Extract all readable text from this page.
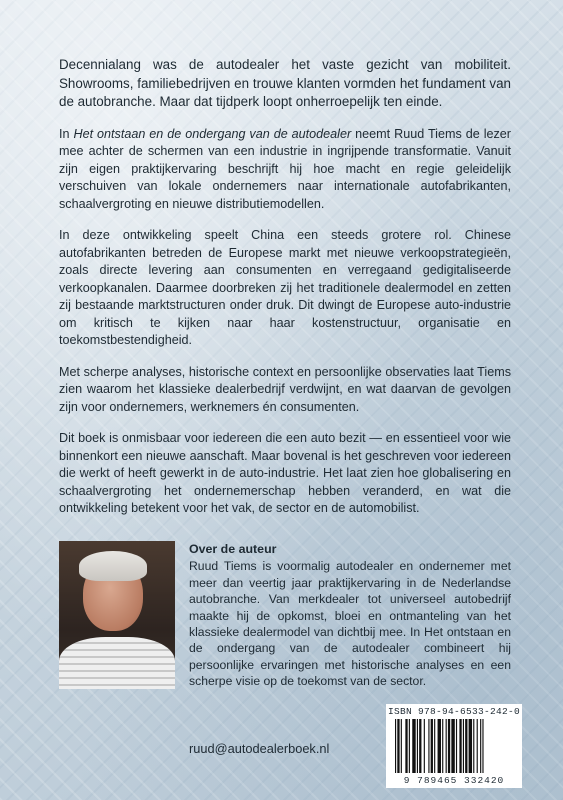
Decennialang was de autodealer het vaste gezicht van mobiliteit. Showrooms, familiebedrijven en trouwe klanten vormden het fundament van de autobranche. Maar dat tijdperk loopt onherroepelijk ten einde.

In Het ontstaan en de ondergang van de autodealer neemt Ruud Tiems de lezer mee achter de schermen van een industrie in ingrijpende transformatie. Vanuit zijn eigen praktijkervaring beschrijft hij hoe macht en regie geleidelijk verschuiven van lokale ondernemers naar internationale autofabrikanten, schaalvergroting en nieuwe distributiemodellen.

In deze ontwikkeling speelt China een steeds grotere rol. Chinese autofabrikanten betreden de Europese markt met nieuwe verkoopstrategieën, zoals directe levering aan consumenten en verregaand gedigitaliseerde verkoopkanalen. Daarmee doorbreken zij het traditionele dealermodel en zetten zij bestaande marktstructuren onder druk. Dit dwingt de Europese auto-industrie om kritisch te kijken naar haar kostenstructuur, organisatie en toekomstbestendigheid.

Met scherpe analyses, historische context en persoonlijke observaties laat Tiems zien waarom het klassieke dealerbedrijf verdwijnt, en wat daarvan de gevolgen zijn voor ondernemers, werknemers én consumenten.

Dit boek is onmisbaar voor iedereen die een auto bezit — en essentieel voor wie binnenkort een nieuwe aanschaft. Maar bovenal is het geschreven voor iedereen die werkt of heeft gewerkt in de auto-industrie. Het laat zien hoe globalisering en schaalvergroting het ondernemerschap hebben veranderd, en wat die ontwikkeling betekent voor het vak, de sector en de automobilist.

Over de auteur

Ruud Tiems is voormalig autodealer en ondernemer met meer dan veertig jaar praktijkervaring in de Nederlandse autobranche. Van merkdealer tot universeel autobedrijf maakte hij de opkomst, bloei en ontmanteling van het klassieke dealermodel van dichtbij mee. In Het ontstaan en de ondergang van de autodealer combineert hij persoonlijke ervaringen met historische analyses en een scherpe visie op de toekomst van de sector.

ruud@autodealerboek.nl
ISBN 978-94-6533-242-0
9 789465 332420
